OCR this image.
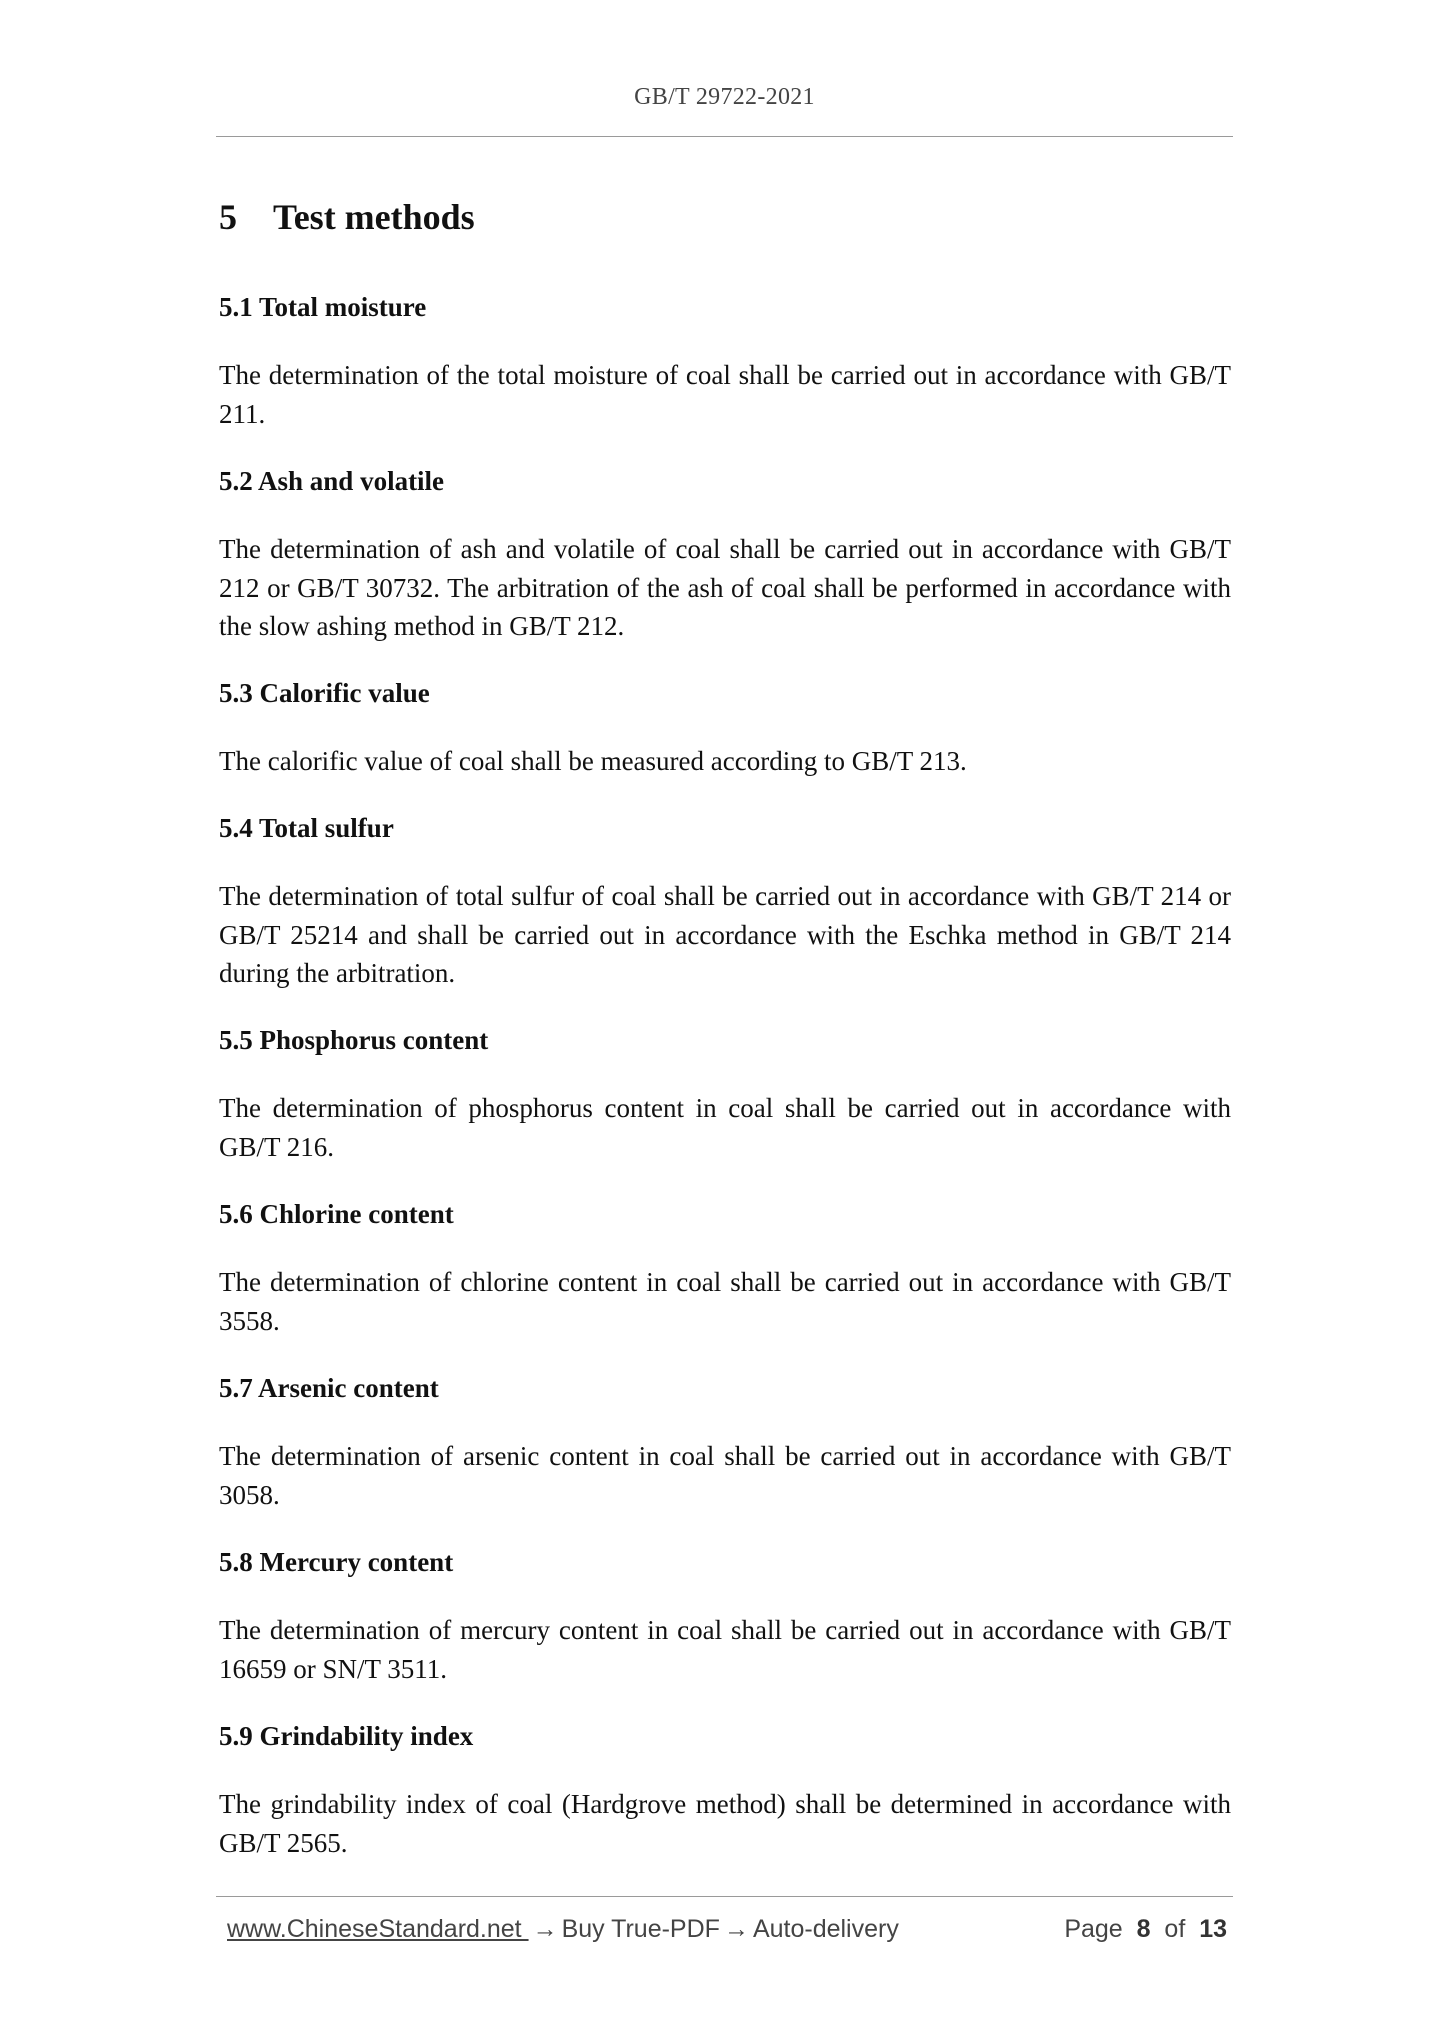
GB/T 29722-2021
5 Test methods
5.1 Total moisture

The determination of the total moisture of coal shall be carried out in accordance with GB/T 211.

5.2 Ash and volatile

The determination of ash and volatile of coal shall be carried out in accordance with GB/T 212 or GB/T 30732. The arbitration of the ash of coal shall be performed in accordance with the slow ashing method in GB/T 212.

5.3 Calorific value

The calorific value of coal shall be measured according to GB/T 213.

5.4 Total sulfur

The determination of total sulfur of coal shall be carried out in accordance with GB/T 214 or GB/T 25214 and shall be carried out in accordance with the Eschka method in GB/T 214 during the arbitration.

5.5 Phosphorus content

The determination of phosphorus content in coal shall be carried out in accordance with GB/T 216.

5.6 Chlorine content

The determination of chlorine content in coal shall be carried out in accordance with GB/T 3558.

5.7 Arsenic content

The determination of arsenic content in coal shall be carried out in accordance with GB/T 3058.

5.8 Mercury content

The determination of mercury content in coal shall be carried out in accordance with GB/T 16659 or SN/T 3511.

5.9 Grindability index

The grindability index of coal (Hardgrove method) shall be determined in accordance with GB/T 2565.

www.ChineseStandard.net → Buy True-PDF → Auto-delivery	Page 8 of 13
